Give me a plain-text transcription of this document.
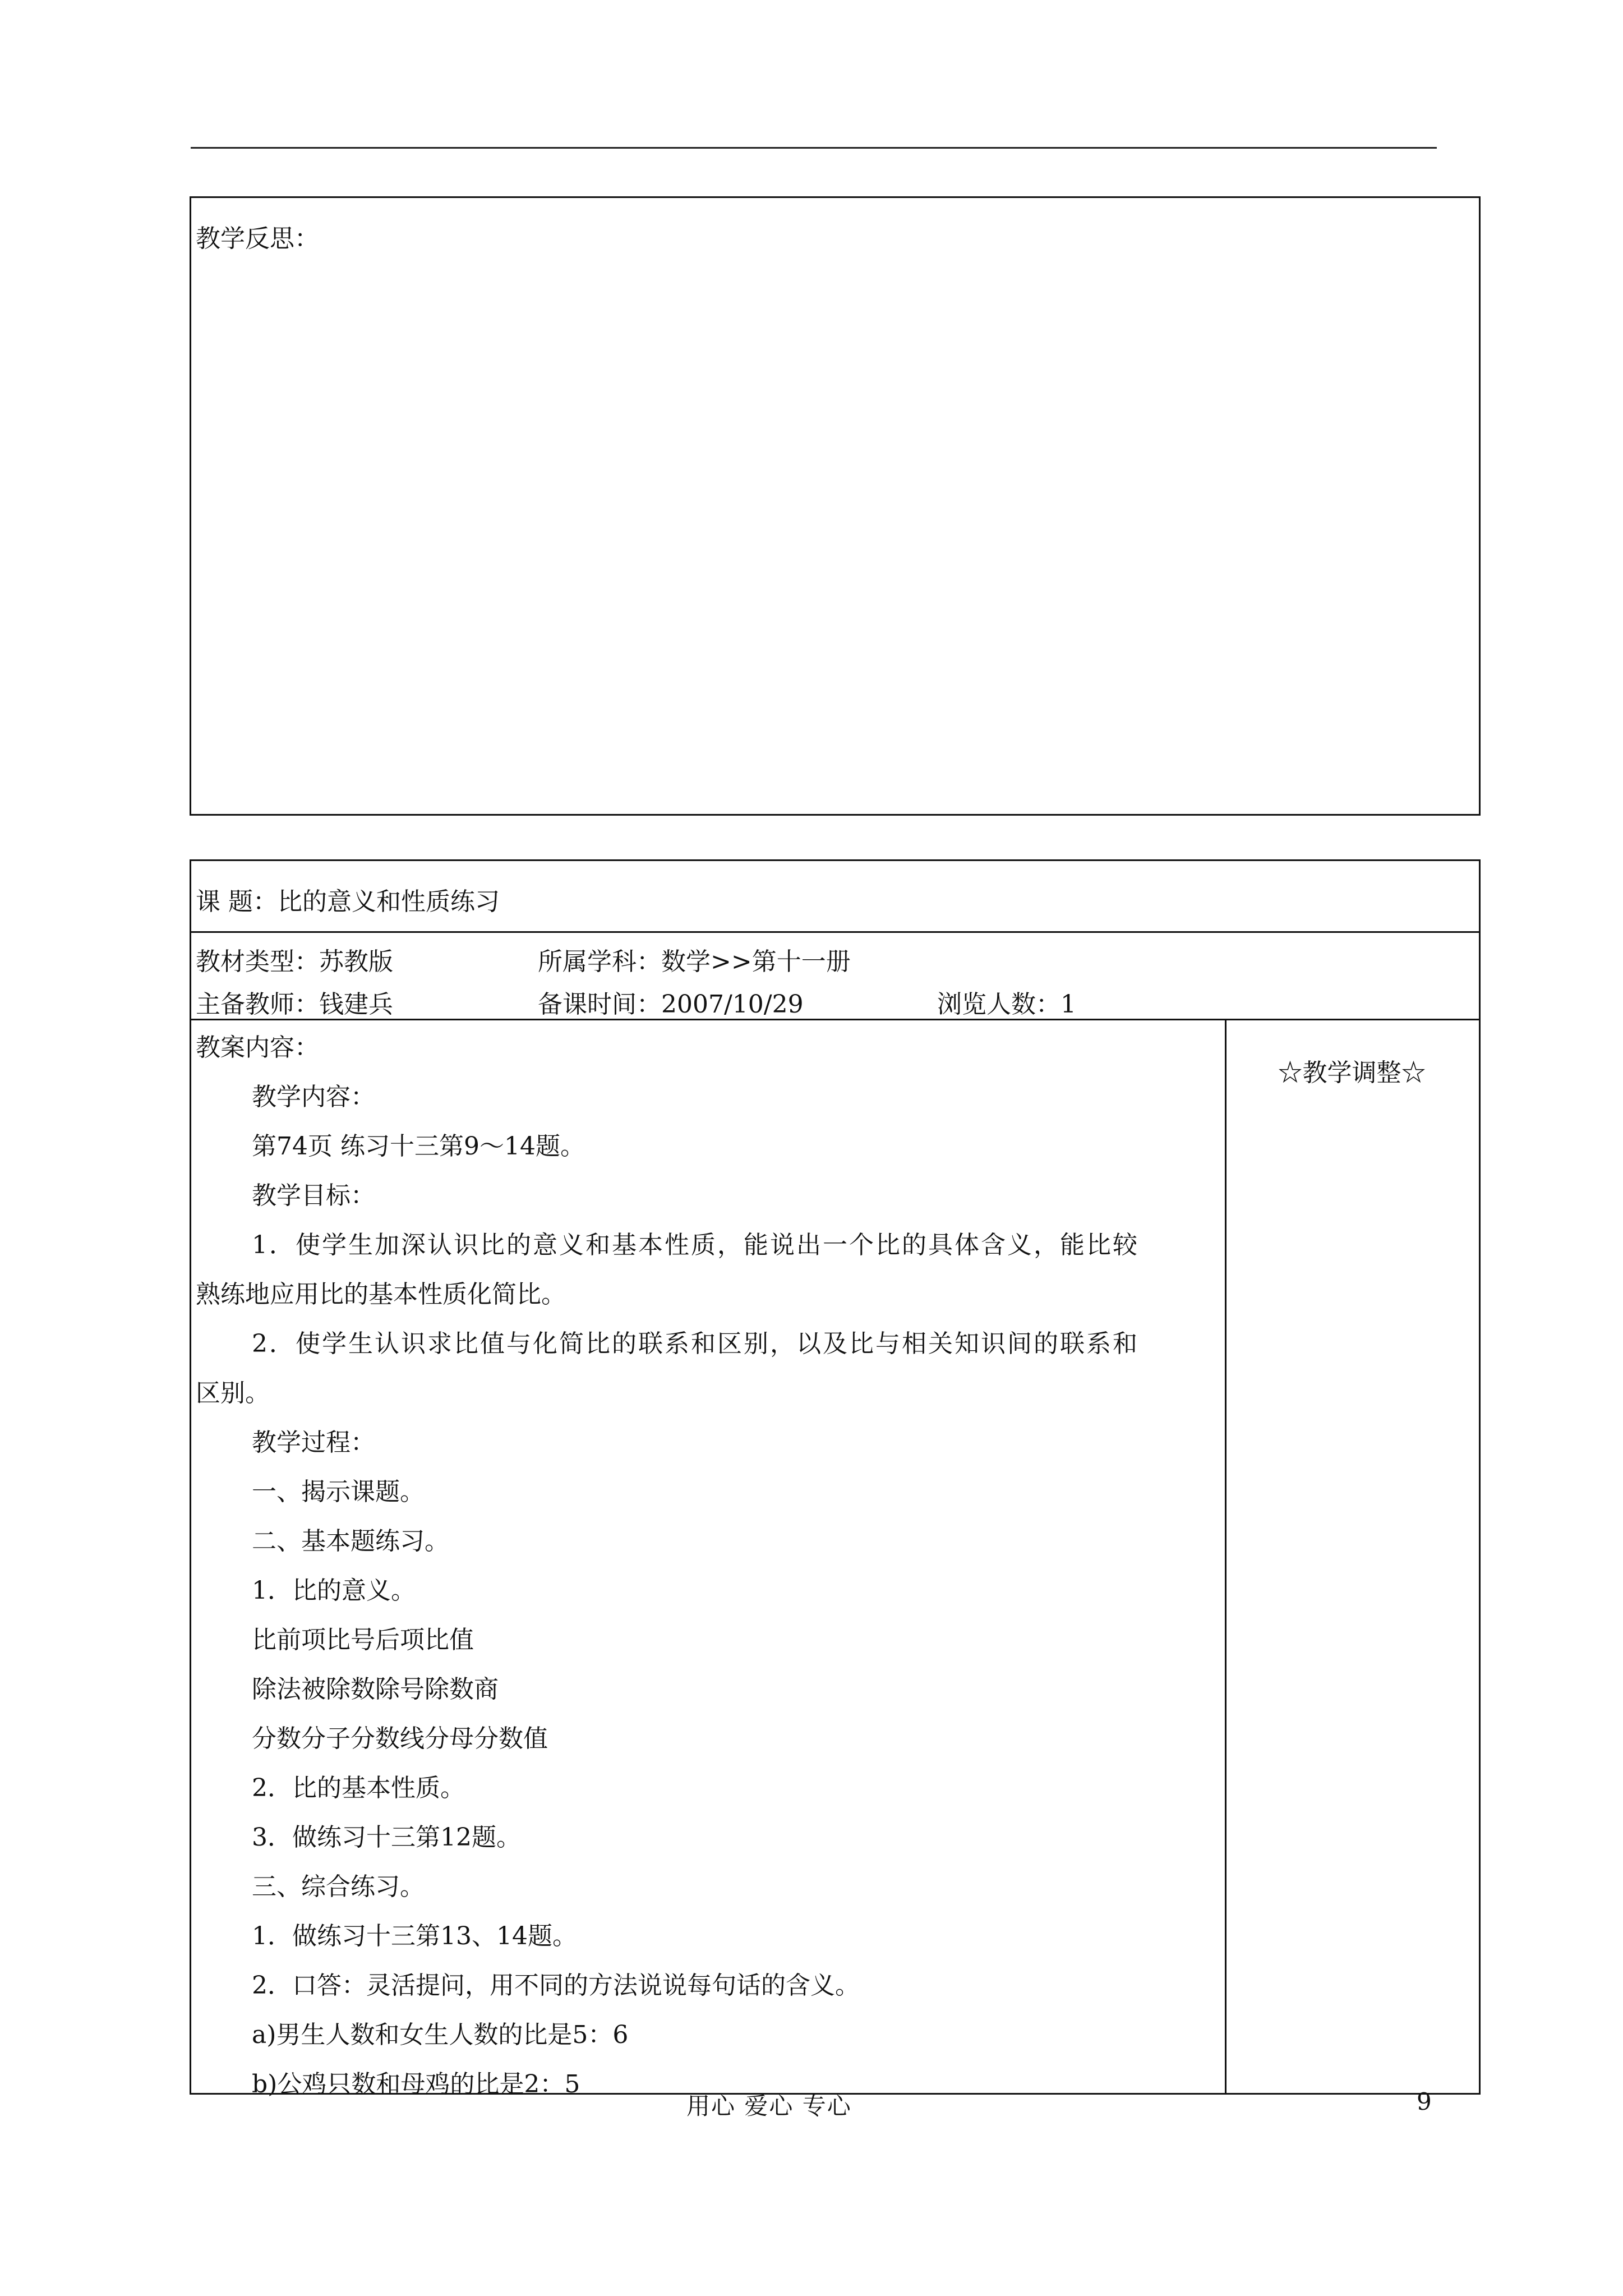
教学反思：
课 题：比的意义和性质练习
教材类型：苏教版	所属学科：数学>>第十一册
主备教师：钱建兵	备课时间：2007/10/29	浏览人数：1
教案内容：
教学内容：
第74页 练习十三第9～14题。
教学目标：
1．使学生加深认识比的意义和基本性质，能说出一个比的具体含义，能比较
熟练地应用比的基本性质化简比。
2．使学生认识求比值与化简比的联系和区别，以及比与相关知识间的联系和
区别。
教学过程：
一、揭示课题。
二、基本题练习。
1．比的意义。
比前项比号后项比值
除法被除数除号除数商
分数分子分数线分母分数值
2．比的基本性质。
3．做练习十三第12题。
三、综合练习。
1．做练习十三第13、14题。
2．口答：灵活提问，用不同的方法说说每句话的含义。
a)男生人数和女生人数的比是5：6
b)公鸡只数和母鸡的比是2：5
☆教学调整☆
用心 爱心 专心	9
